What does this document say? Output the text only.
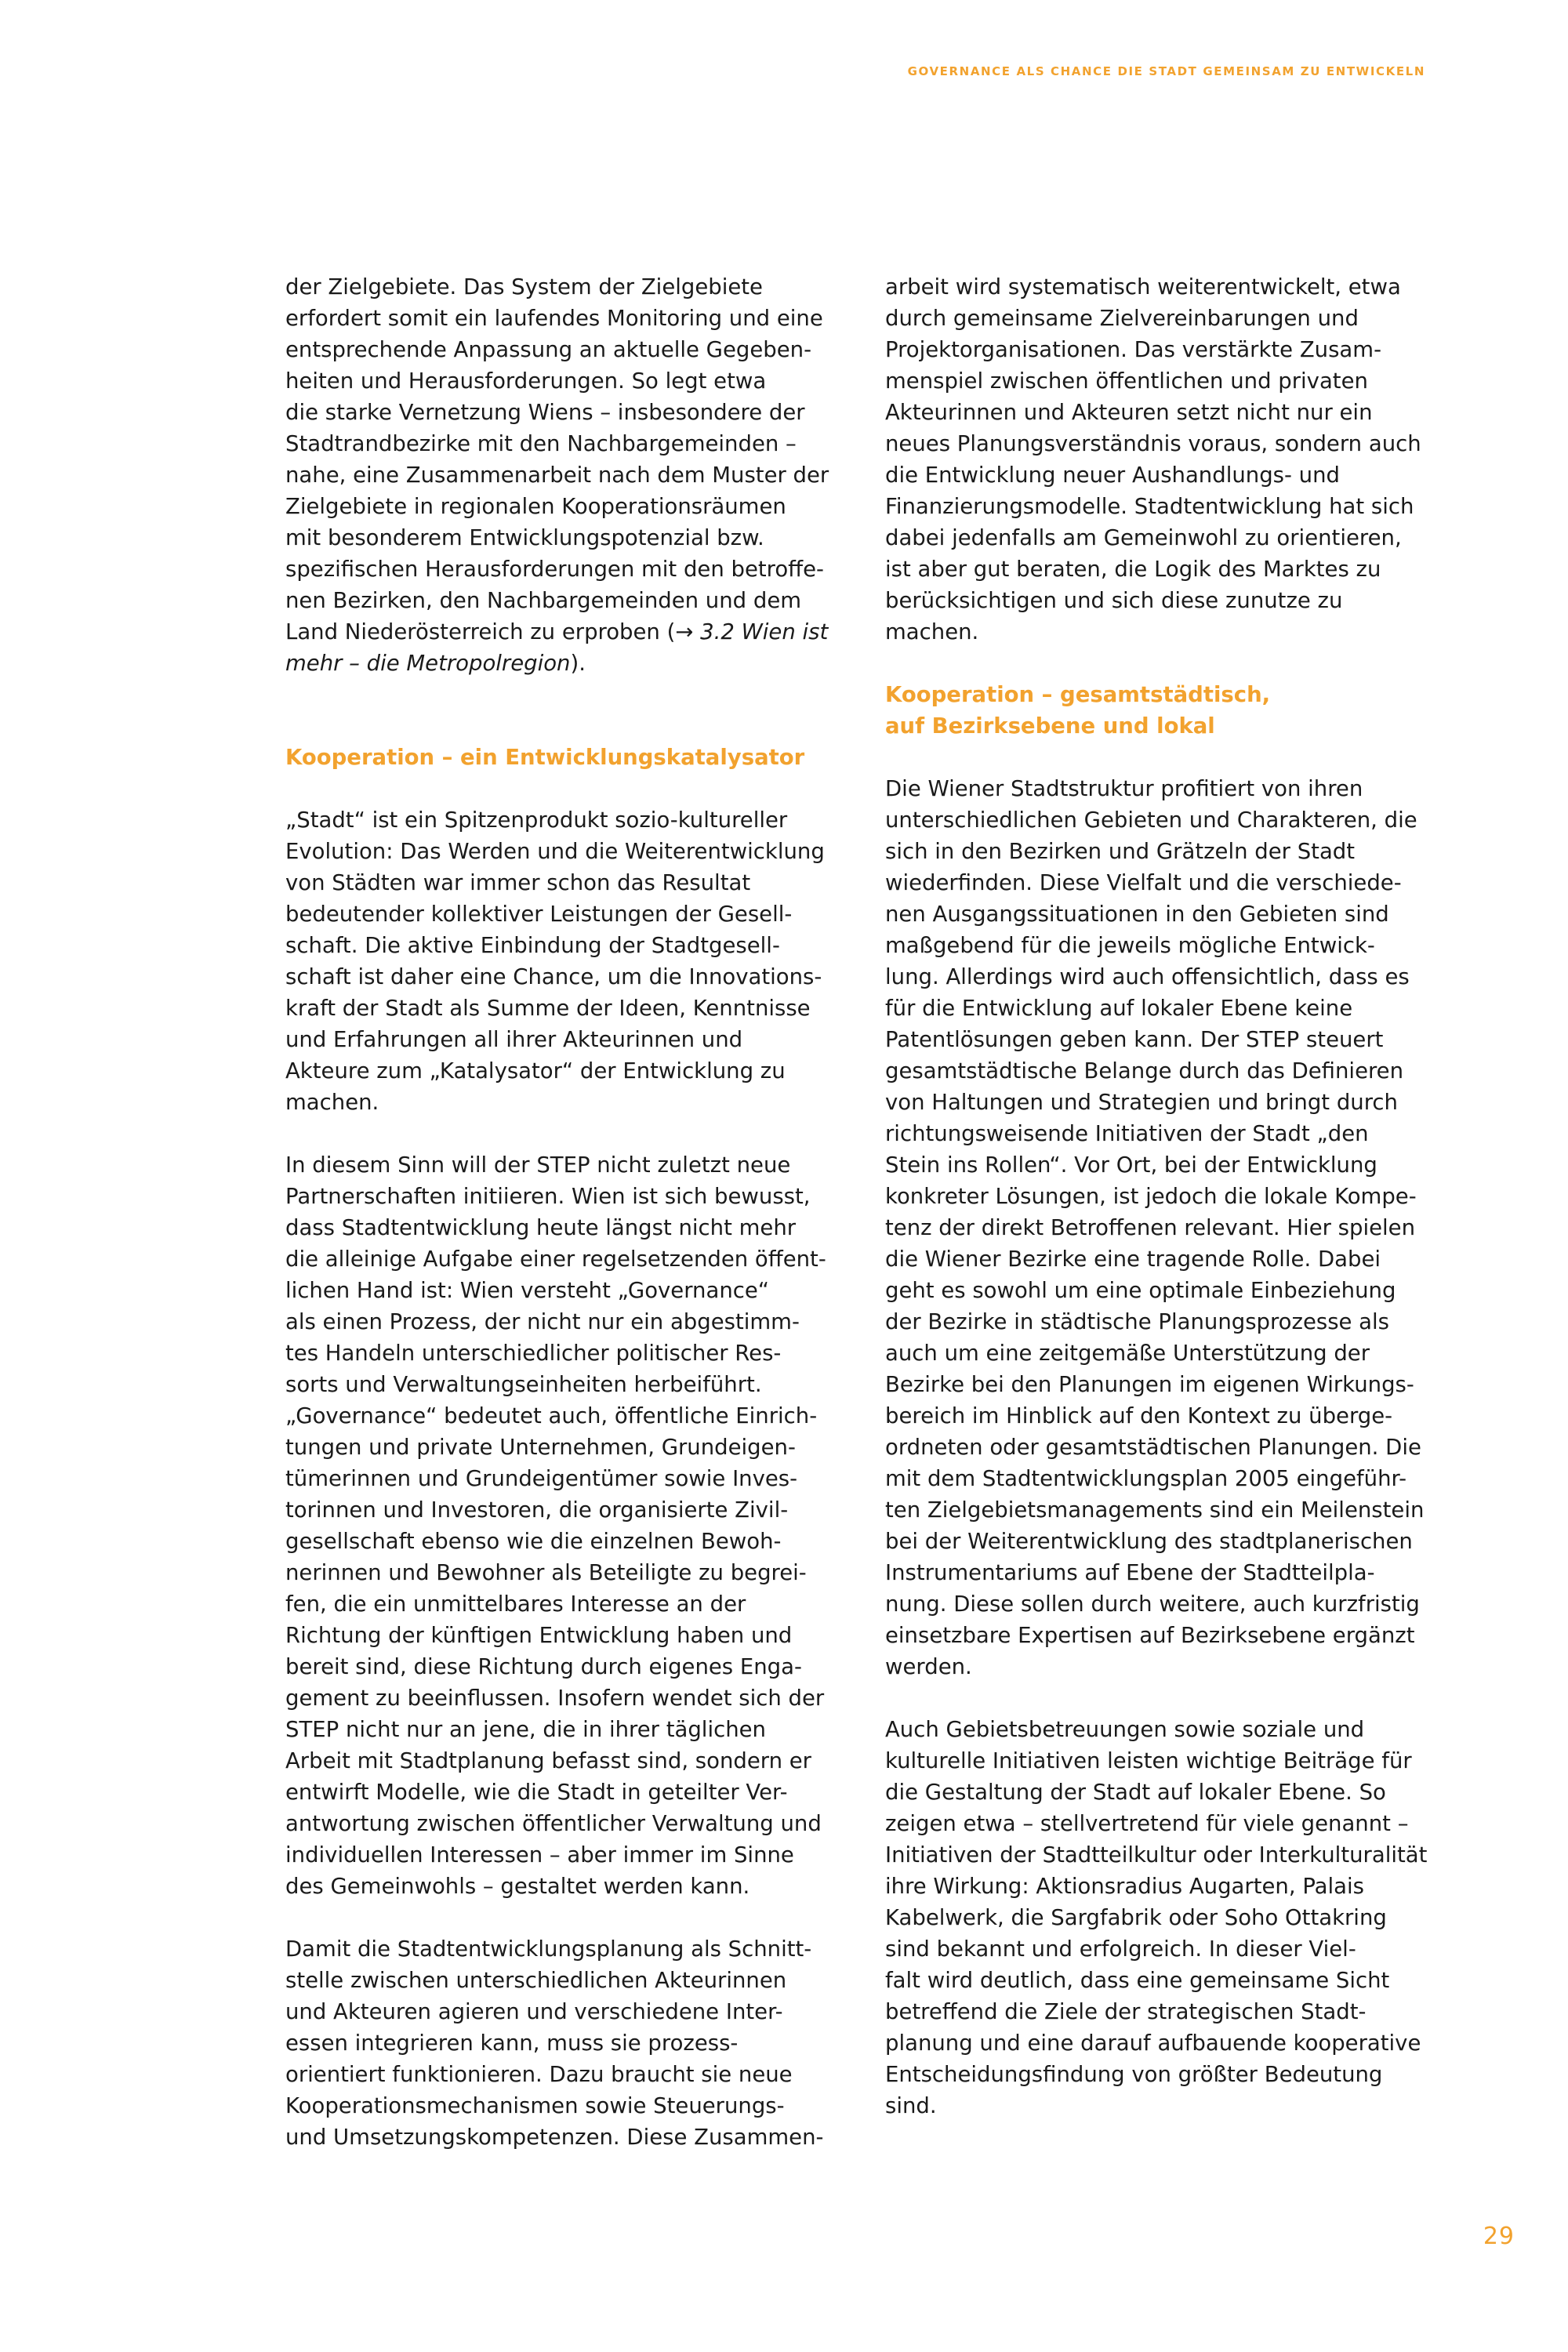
GOVERNANCE ALS CHANCE DIE STADT GEMEINSAM ZU ENTWICKELN

der Zielgebiete. Das System der Zielgebiete
erfordert somit ein laufendes Monitoring und eine
entsprechende Anpassung an aktuelle Gegeben-
heiten und Herausforderungen. So legt etwa
die starke Vernetzung Wiens – insbesondere der
Stadtrandbezirke mit den Nachbargemeinden –
nahe, eine Zusammenarbeit nach dem Muster der
Zielgebiete in regionalen Kooperationsräumen
mit besonderem Entwicklungspotenzial bzw.
spezifischen Herausforderungen mit den betroffe-
nen Bezirken, den Nachbargemeinden und dem
Land Niederösterreich zu erproben (→ 3.2 Wien ist
mehr – die Metropolregion).

Kooperation – ein Entwicklungskatalysator

„Stadt“ ist ein Spitzenprodukt sozio-kultureller
Evolution: Das Werden und die Weiterentwicklung
von Städten war immer schon das Resultat
bedeutender kollektiver Leistungen der Gesell-
schaft. Die aktive Einbindung der Stadtgesell-
schaft ist daher eine Chance, um die Innovations-
kraft der Stadt als Summe der Ideen, Kenntnisse
und Erfahrungen all ihrer Akteurinnen und
Akteure zum „Katalysator“ der Entwicklung zu
machen.

In diesem Sinn will der STEP nicht zuletzt neue
Partnerschaften initiieren. Wien ist sich bewusst,
dass Stadtentwicklung heute längst nicht mehr
die alleinige Aufgabe einer regelsetzenden öffent-
lichen Hand ist: Wien versteht „Governance“
als einen Prozess, der nicht nur ein abgestimm-
tes Handeln unterschiedlicher politischer Res-
sorts und Verwaltungseinheiten herbeiführt.
„Governance“ bedeutet auch, öffentliche Einrich-
tungen und private Unternehmen, Grundeigen-
tümerinnen und Grundeigentümer sowie Inves-
torinnen und Investoren, die organisierte Zivil-
gesellschaft ebenso wie die einzelnen Bewoh-
nerinnen und Bewohner als Beteiligte zu begrei-
fen, die ein unmittelbares Interesse an der
Richtung der künftigen Entwicklung haben und
bereit sind, diese Richtung durch eigenes Enga-
gement zu beeinflussen. Insofern wendet sich der
STEP nicht nur an jene, die in ihrer täglichen
Arbeit mit Stadtplanung befasst sind, sondern er
entwirft Modelle, wie die Stadt in geteilter Ver-
antwortung zwischen öffentlicher Verwaltung und
individuellen Interessen – aber immer im Sinne
des Gemeinwohls – gestaltet werden kann.

Damit die Stadtentwicklungsplanung als Schnitt-
stelle zwischen unterschiedlichen Akteurinnen
und Akteuren agieren und verschiedene Inter-
essen integrieren kann, muss sie prozess-
orientiert funktionieren. Dazu braucht sie neue
Kooperationsmechanismen sowie Steuerungs-
und Umsetzungskompetenzen. Diese Zusammen-

arbeit wird systematisch weiterentwickelt, etwa
durch gemeinsame Zielvereinbarungen und
Projektorganisationen. Das verstärkte Zusam-
menspiel zwischen öffentlichen und privaten
Akteurinnen und Akteuren setzt nicht nur ein
neues Planungsverständnis voraus, sondern auch
die Entwicklung neuer Aushandlungs- und
Finanzierungsmodelle. Stadtentwicklung hat sich
dabei jedenfalls am Gemeinwohl zu orientieren,
ist aber gut beraten, die Logik des Marktes zu
berücksichtigen und sich diese zunutze zu
machen.

Kooperation – gesamtstädtisch,
auf Bezirksebene und lokal

Die Wiener Stadtstruktur profitiert von ihren
unterschiedlichen Gebieten und Charakteren, die
sich in den Bezirken und Grätzeln der Stadt
wiederfinden. Diese Vielfalt und die verschiede-
nen Ausgangssituationen in den Gebieten sind
maßgebend für die jeweils mögliche Entwick-
lung. Allerdings wird auch offensichtlich, dass es
für die Entwicklung auf lokaler Ebene keine
Patentlösungen geben kann. Der STEP steuert
gesamtstädtische Belange durch das Definieren
von Haltungen und Strategien und bringt durch
richtungsweisende Initiativen der Stadt „den
Stein ins Rollen“. Vor Ort, bei der Entwicklung
konkreter Lösungen, ist jedoch die lokale Kompe-
tenz der direkt Betroffenen relevant. Hier spielen
die Wiener Bezirke eine tragende Rolle. Dabei
geht es sowohl um eine optimale Einbeziehung
der Bezirke in städtische Planungsprozesse als
auch um eine zeitgemäße Unterstützung der
Bezirke bei den Planungen im eigenen Wirkungs-
bereich im Hinblick auf den Kontext zu überge-
ordneten oder gesamtstädtischen Planungen. Die
mit dem Stadtentwicklungsplan 2005 eingeführ-
ten Zielgebietsmanagements sind ein Meilenstein
bei der Weiterentwicklung des stadtplanerischen
Instrumentariums auf Ebene der Stadtteilpla-
nung. Diese sollen durch weitere, auch kurzfristig
einsetzbare Expertisen auf Bezirksebene ergänzt
werden.

Auch Gebietsbetreuungen sowie soziale und
kulturelle Initiativen leisten wichtige Beiträge für
die Gestaltung der Stadt auf lokaler Ebene. So
zeigen etwa – stellvertretend für viele genannt –
Initiativen der Stadtteilkultur oder Interkulturalität
ihre Wirkung: Aktionsradius Augarten, Palais
Kabelwerk, die Sargfabrik oder Soho Ottakring
sind bekannt und erfolgreich. In dieser Viel-
falt wird deutlich, dass eine gemeinsame Sicht
betreffend die Ziele der strategischen Stadt-
planung und eine darauf aufbauende kooperative
Entscheidungsfindung von größter Bedeutung
sind.

29
